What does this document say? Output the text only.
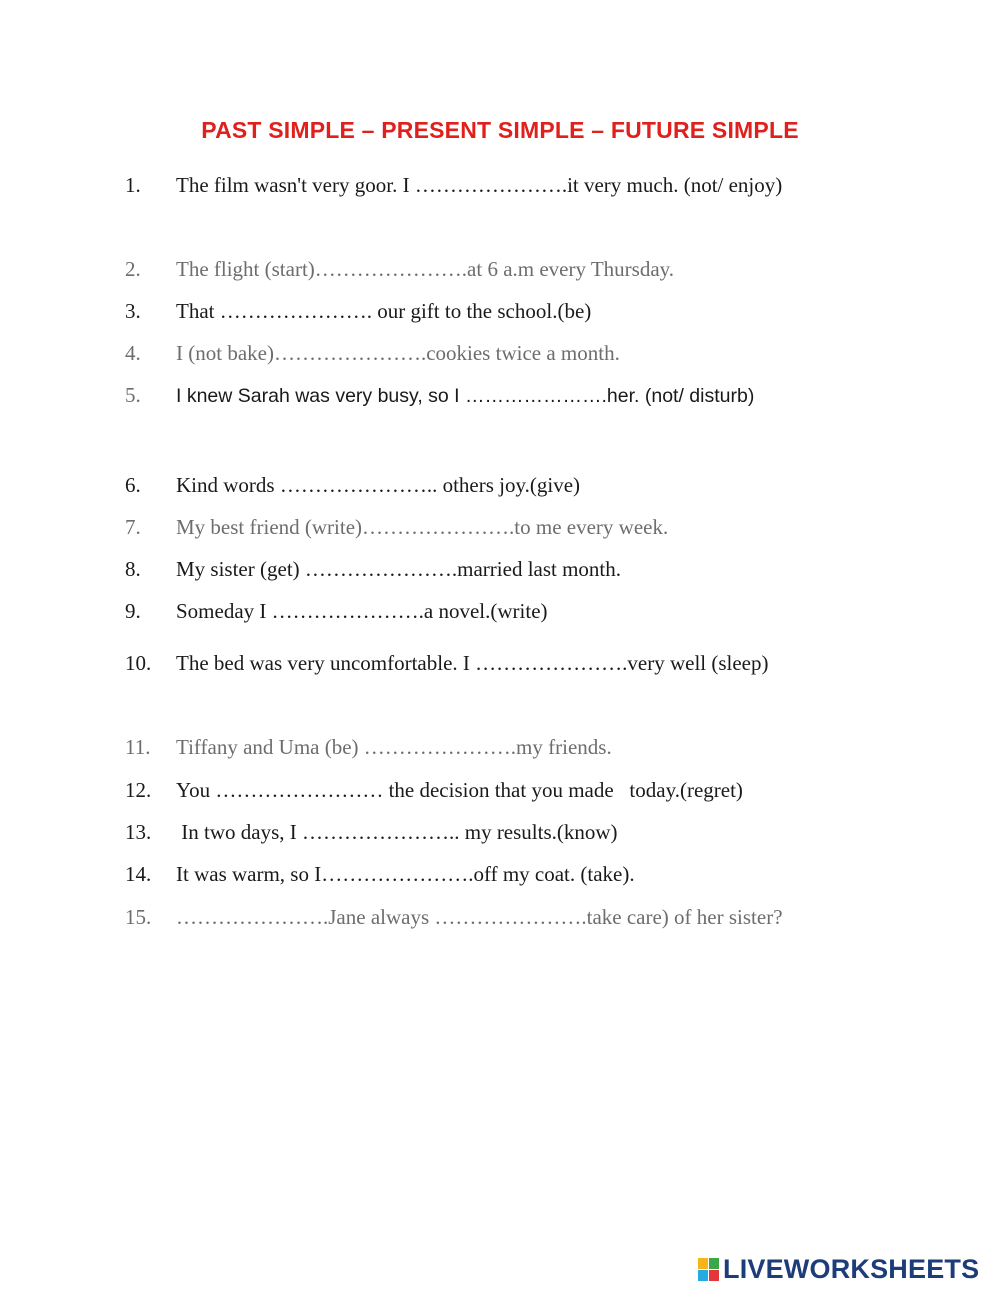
PAST SIMPLE – PRESENT SIMPLE – FUTURE SIMPLE
1. The film wasn't very goor. I ………………….it very much. (not/ enjoy)
2. The flight (start)………………….at 6 a.m every Thursday.
3. That …………………. our gift to the school.(be)
4. I (not bake)………………….cookies twice a month.
5. I knew Sarah was very busy, so I ………………….her. (not/ disturb)
6. Kind words ………………….. others joy.(give)
7. My best friend (write)………………….to me every week.
8. My sister (get) ………………….married last month.
9. Someday I ………………….a novel.(write)
10. The bed was very uncomfortable. I ………………….very well (sleep)
11. Tiffany and Uma (be) ………………….my friends.
12. You …………………… the decision that you made   today.(regret)
13. In two days, I ………………….. my results.(know)
14. It was warm, so I………………….off my coat. (take).
15. ………………….Jane always ………………….take care) of her sister?
LIVEWORKSHEETS
